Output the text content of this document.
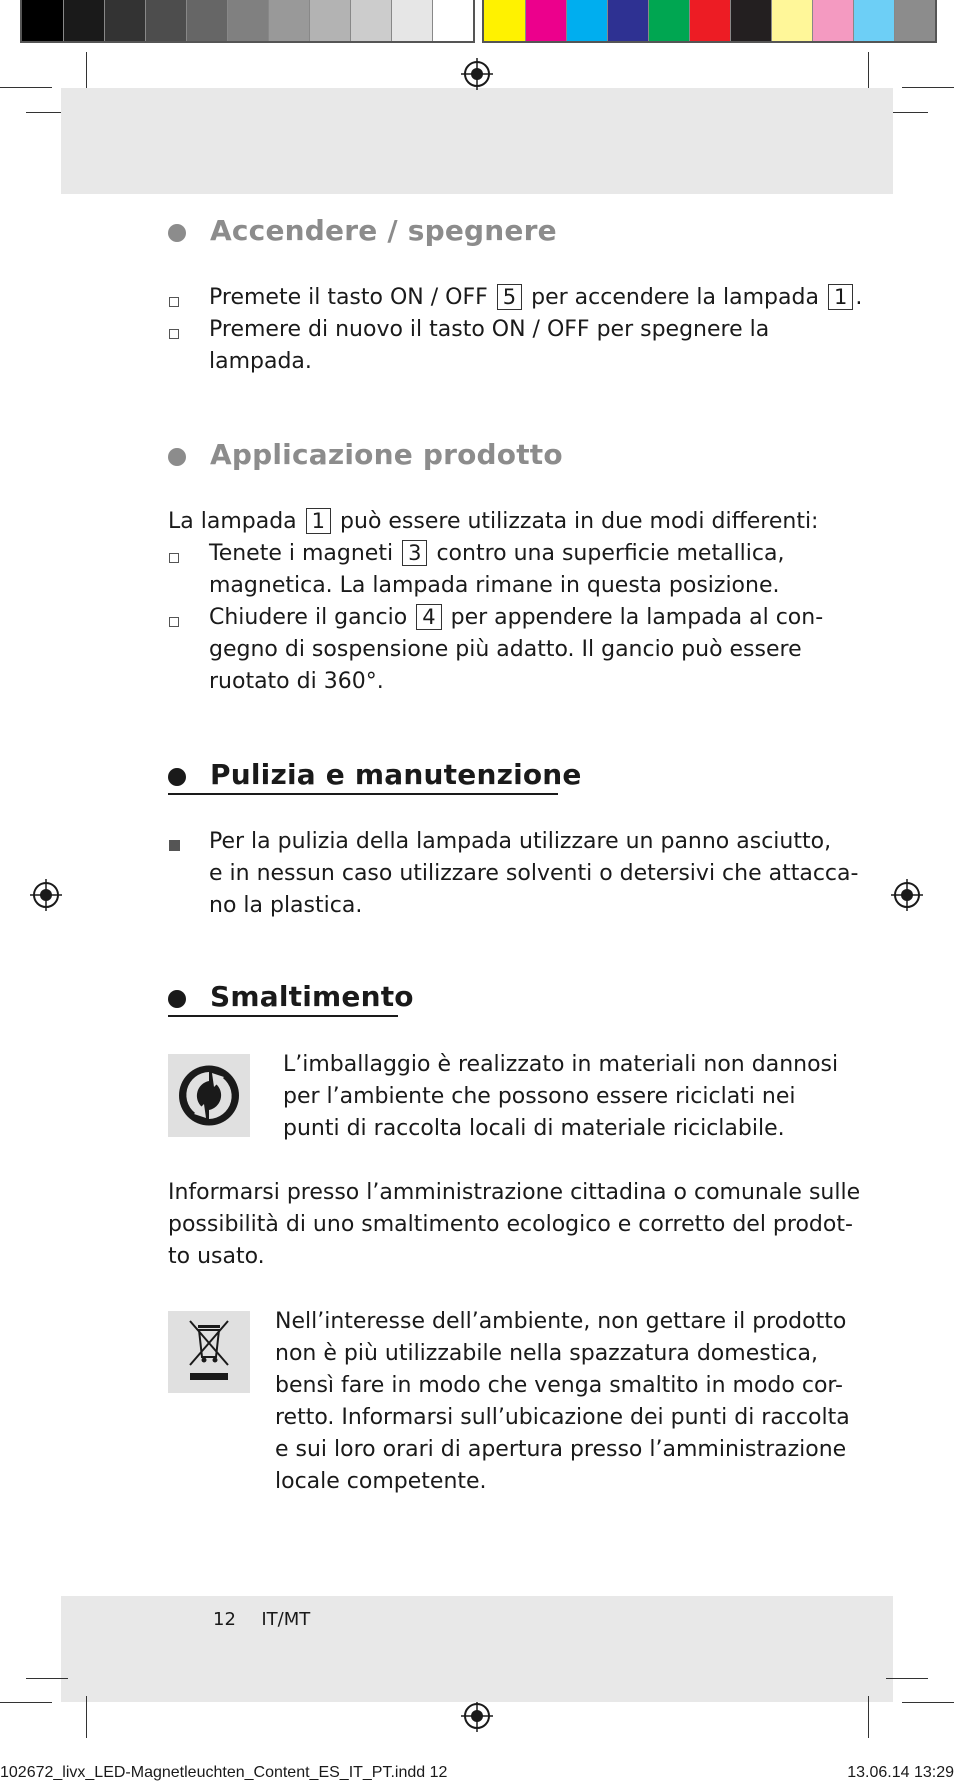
Accendere / spegnere
Premete il tasto ON / OFF 5 per accendere la lampada 1 .
Premere di nuovo il tasto ON / OFF per spegnere la
lampada.
Applicazione prodotto
La lampada 1 può essere utilizzata in due modi differenti:
Tenete i magneti 3 contro una superficie metallica,
magnetica. La lampada rimane in questa posizione.
Chiudere il gancio 4 per appendere la lampada al con-
gegno di sospensione più adatto. Il gancio può essere
ruotato di 360°.
Pulizia e manutenzione
Per la pulizia della lampada utilizzare un panno asciutto,
e in nessun caso utilizzare solventi o detersivi che attacca-
no la plastica.
Smaltimento
L’imballaggio è realizzato in materiali non dannosi
per l’ambiente che possono essere riciclati nei
punti di raccolta locali di materiale riciclabile.
Informarsi presso l’amministrazione cittadina o comunale sulle
possibilità di uno smaltimento ecologico e corretto del prodot-
to usato.
Nell’interesse dell’ambiente, non gettare il prodotto
non è più utilizzabile nella spazzatura domestica,
bensì fare in modo che venga smaltito in modo cor-
retto. Informarsi sull’ubicazione dei punti di raccolta
e sui loro orari di apertura presso l’amministrazione
locale competente.
12 IT/MT
102672_livx_LED-Magnetleuchten_Content_ES_IT_PT.indd 12	13.06.14 13:29
